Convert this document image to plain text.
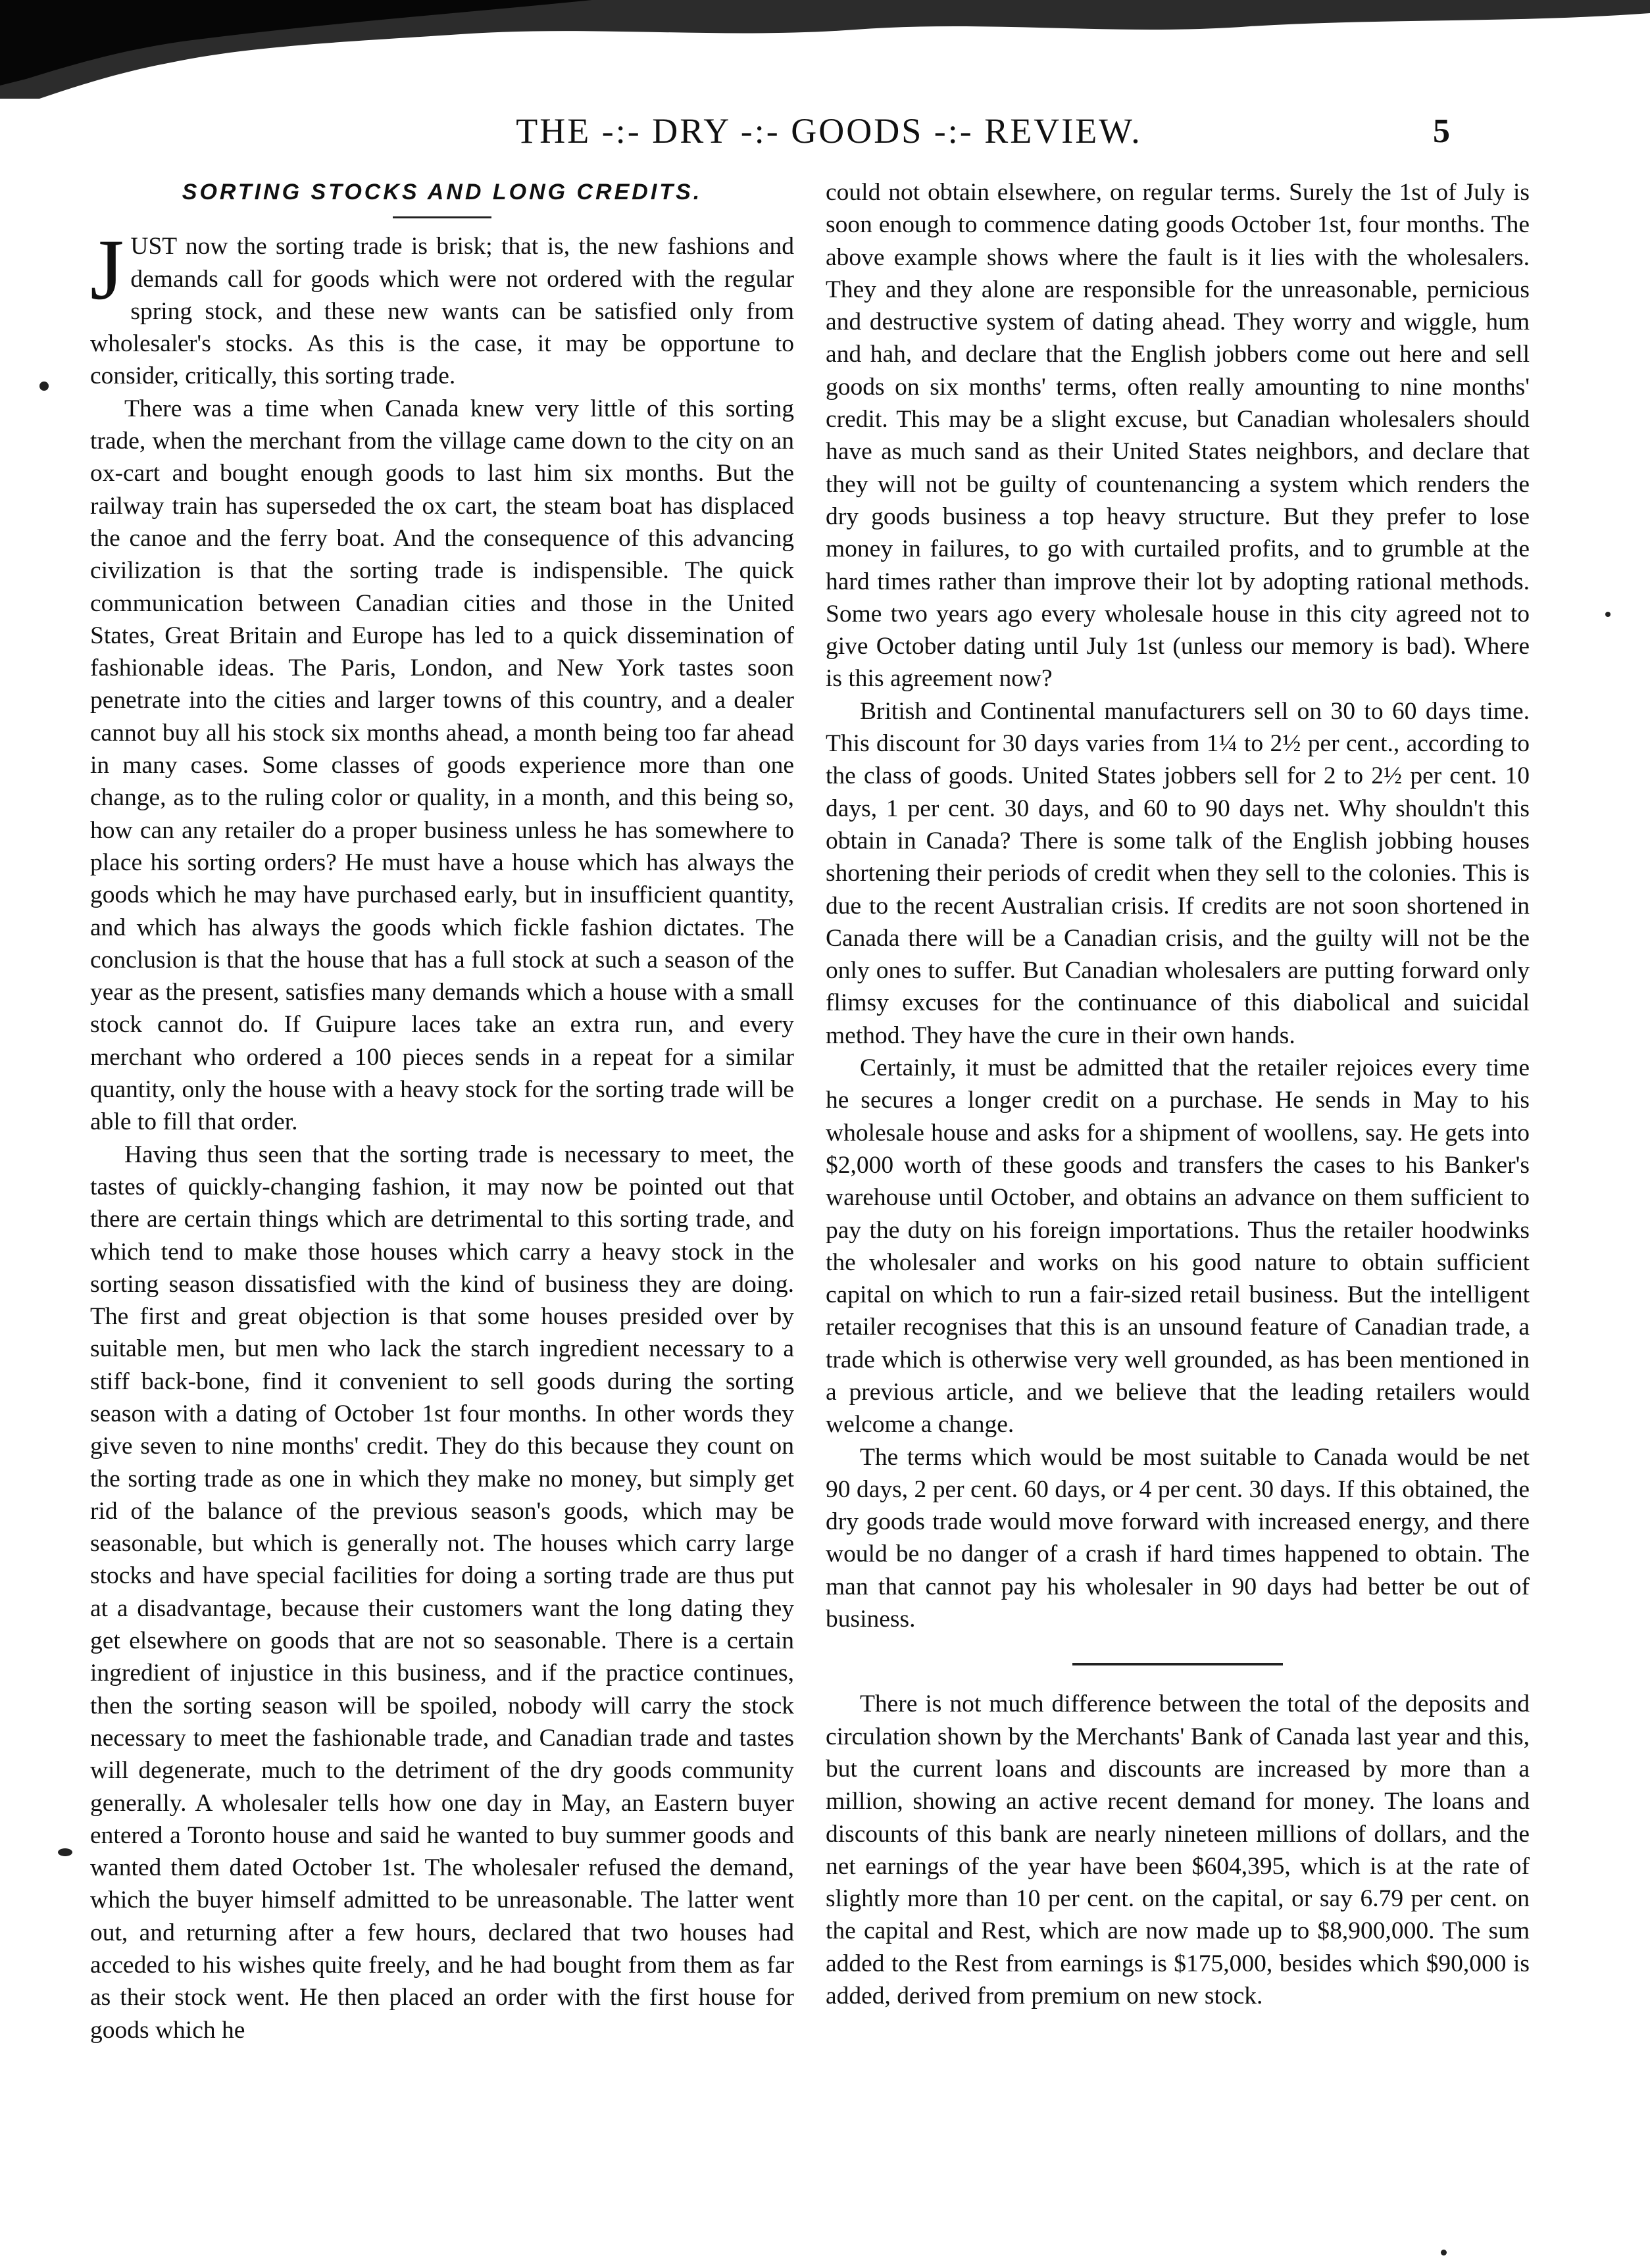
THE -:- DRY -:- GOODS -:- REVIEW.	5
SORTING STOCKS AND LONG CREDITS.

JUST now the sorting trade is brisk; that is, the new fashions and demands call for goods which were not ordered with the regular spring stock, and these new wants can be satisfied only from wholesaler's stocks. As this is the case, it may be opportune to consider, critically, this sorting trade.

There was a time when Canada knew very little of this sorting trade, when the merchant from the village came down to the city on an ox-cart and bought enough goods to last him six months. But the railway train has superseded the ox cart, the steam boat has displaced the canoe and the ferry boat. And the consequence of this advancing civilization is that the sorting trade is indispensible. The quick communication between Canadian cities and those in the United States, Great Britain and Europe has led to a quick dissemination of fashionable ideas. The Paris, London, and New York tastes soon penetrate into the cities and larger towns of this country, and a dealer cannot buy all his stock six months ahead, a month being too far ahead in many cases. Some classes of goods experience more than one change, as to the ruling color or quality, in a month, and this being so, how can any retailer do a proper business unless he has somewhere to place his sorting orders? He must have a house which has always the goods which he may have purchased early, but in insufficient quantity, and which has always the goods which fickle fashion dictates. The conclusion is that the house that has a full stock at such a season of the year as the present, satisfies many demands which a house with a small stock cannot do. If Guipure laces take an extra run, and every merchant who ordered a 100 pieces sends in a repeat for a similar quantity, only the house with a heavy stock for the sorting trade will be able to fill that order.

Having thus seen that the sorting trade is necessary to meet, the tastes of quickly-changing fashion, it may now be pointed out that there are certain things which are detrimental to this sorting trade, and which tend to make those houses which carry a heavy stock in the sorting season dissatisfied with the kind of business they are doing. The first and great objection is that some houses presided over by suitable men, but men who lack the starch ingredient necessary to a stiff back-bone, find it convenient to sell goods during the sorting season with a dating of October 1st four months. In other words they give seven to nine months' credit. They do this because they count on the sorting trade as one in which they make no money, but simply get rid of the balance of the previous season's goods, which may be seasonable, but which is generally not. The houses which carry large stocks and have special facilities for doing a sorting trade are thus put at a disadvantage, because their customers want the long dating they get elsewhere on goods that are not so seasonable. There is a certain ingredient of injustice in this business, and if the practice continues, then the sorting season will be spoiled, nobody will carry the stock necessary to meet the fashionable trade, and Canadian trade and tastes will degenerate, much to the detriment of the dry goods community generally. A wholesaler tells how one day in May, an Eastern buyer entered a Toronto house and said he wanted to buy summer goods and wanted them dated October 1st. The wholesaler refused the demand, which the buyer himself admitted to be unreasonable. The latter went out, and returning after a few hours, declared that two houses had acceded to his wishes quite freely, and he had bought from them as far as their stock went. He then placed an order with the first house for goods which he

could not obtain elsewhere, on regular terms. Surely the 1st of July is soon enough to commence dating goods October 1st, four months. The above example shows where the fault is it lies with the wholesalers. They and they alone are responsible for the unreasonable, pernicious and destructive system of dating ahead. They worry and wiggle, hum and hah, and declare that the English jobbers come out here and sell goods on six months' terms, often really amounting to nine months' credit. This may be a slight excuse, but Canadian wholesalers should have as much sand as their United States neighbors, and declare that they will not be guilty of countenancing a system which renders the dry goods business a top heavy structure. But they prefer to lose money in failures, to go with curtailed profits, and to grumble at the hard times rather than improve their lot by adopting rational methods. Some two years ago every wholesale house in this city agreed not to give October dating until July 1st (unless our memory is bad). Where is this agreement now?

British and Continental manufacturers sell on 30 to 60 days time. This discount for 30 days varies from 1¼ to 2½ per cent., according to the class of goods. United States jobbers sell for 2 to 2½ per cent. 10 days, 1 per cent. 30 days, and 60 to 90 days net. Why shouldn't this obtain in Canada? There is some talk of the English jobbing houses shortening their periods of credit when they sell to the colonies. This is due to the recent Australian crisis. If credits are not soon shortened in Canada there will be a Canadian crisis, and the guilty will not be the only ones to suffer. But Canadian wholesalers are putting forward only flimsy excuses for the continuance of this diabolical and suicidal method. They have the cure in their own hands.

Certainly, it must be admitted that the retailer rejoices every time he secures a longer credit on a purchase. He sends in May to his wholesale house and asks for a shipment of woollens, say. He gets into $2,000 worth of these goods and transfers the cases to his Banker's warehouse until October, and obtains an advance on them sufficient to pay the duty on his foreign importations. Thus the retailer hoodwinks the wholesaler and works on his good nature to obtain sufficient capital on which to run a fair-sized retail business. But the intelligent retailer recognises that this is an unsound feature of Canadian trade, a trade which is otherwise very well grounded, as has been mentioned in a previous article, and we believe that the leading retailers would welcome a change.

The terms which would be most suitable to Canada would be net 90 days, 2 per cent. 60 days, or 4 per cent. 30 days. If this obtained, the dry goods trade would move forward with increased energy, and there would be no danger of a crash if hard times happened to obtain. The man that cannot pay his wholesaler in 90 days had better be out of business.

There is not much difference between the total of the deposits and circulation shown by the Merchants' Bank of Canada last year and this, but the current loans and discounts are increased by more than a million, showing an active recent demand for money. The loans and discounts of this bank are nearly nineteen millions of dollars, and the net earnings of the year have been $604,395, which is at the rate of slightly more than 10 per cent. on the capital, or say 6.79 per cent. on the capital and Rest, which are now made up to $8,900,000. The sum added to the Rest from earnings is $175,000, besides which $90,000 is added, derived from premium on new stock.
